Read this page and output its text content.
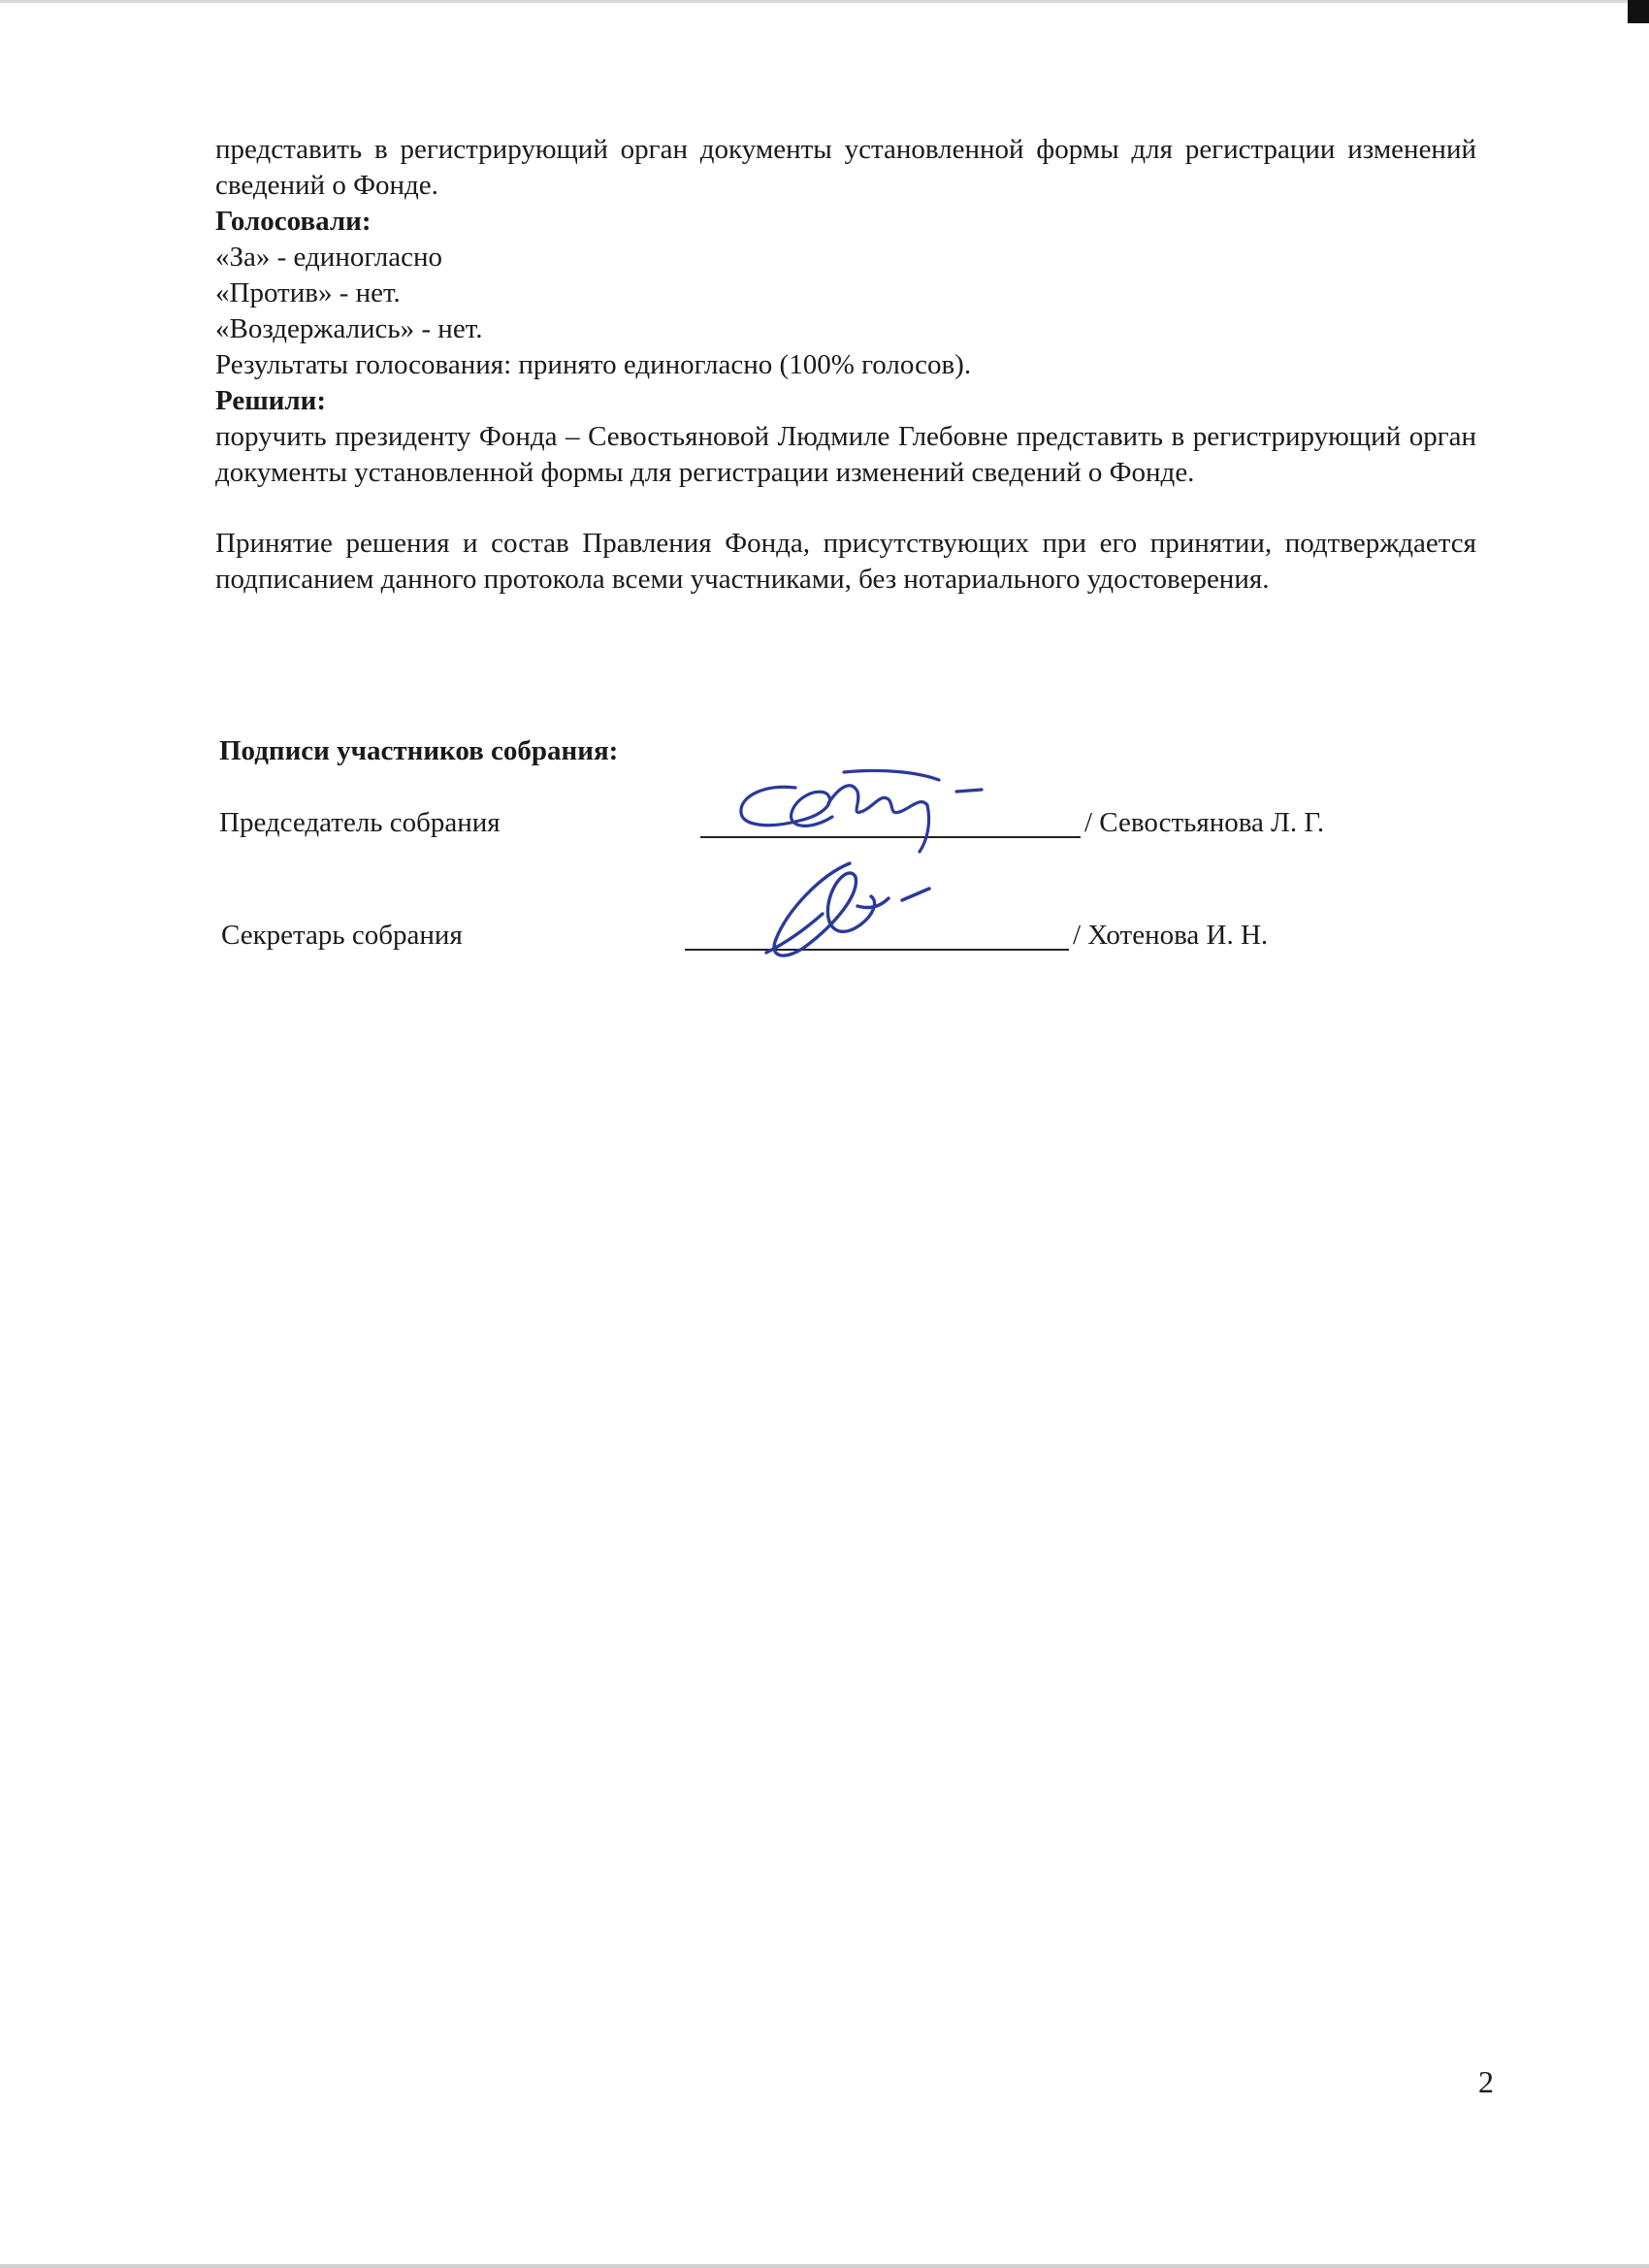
представить в регистрирующий орган документы установленной формы для регистрации изменений сведений о Фонде.

Голосовали:

«За» - единогласно

«Против» - нет.

«Воздержались» - нет.

Результаты голосования: принято единогласно (100% голосов).

Решили:

поручить президенту Фонда – Севостьяновой Людмиле Глебовне представить в регистрирующий орган документы установленной формы для регистрации изменений сведений о Фонде.

Принятие решения и состав Правления Фонда, присутствующих при его принятии, подтверждается подписанием данного протокола всеми участниками, без нотариального удостоверения.

Подписи участников собрания:
Председатель собрания	/ Севостьянова Л. Г.
Секретарь собрания	/ Хотенова И. Н.
2
